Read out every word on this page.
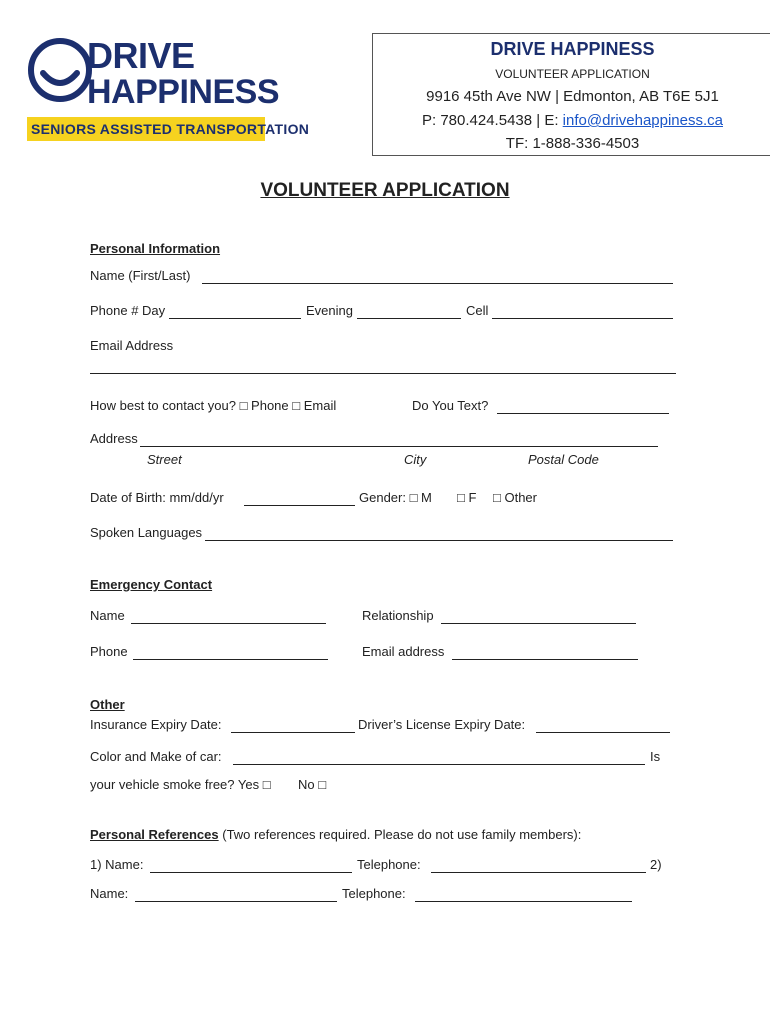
DRIVE
HAPPINESS
SENIORS ASSISTED TRANSPORTATION
DRIVE HAPPINESS
VOLUNTEER APPLICATION
9916 45th Ave NW | Edmonton, AB T6E 5J1
P: 780.424.5438 | E: info@drivehappiness.ca
TF: 1-888-336-4503
VOLUNTEER APPLICATION
Personal Information
Name (First/Last)
Phone # Day	Evening	Cell
Email Address
How best to contact you? □ Phone □ Email	Do You Text?
Address
Street	City	Postal Code
Date of Birth: mm/dd/yr	Gender: □ M □ F □ Other
Spoken Languages
Emergency Contact
Name	Relationship
Phone	Email address
Other
Insurance Expiry Date:	Driver’s License Expiry Date:
Color and Make of car:	Is
your vehicle smoke free? Yes □ No □
Personal References (Two references required. Please do not use family members):
1) Name:	Telephone:	2)
Name:	Telephone:
